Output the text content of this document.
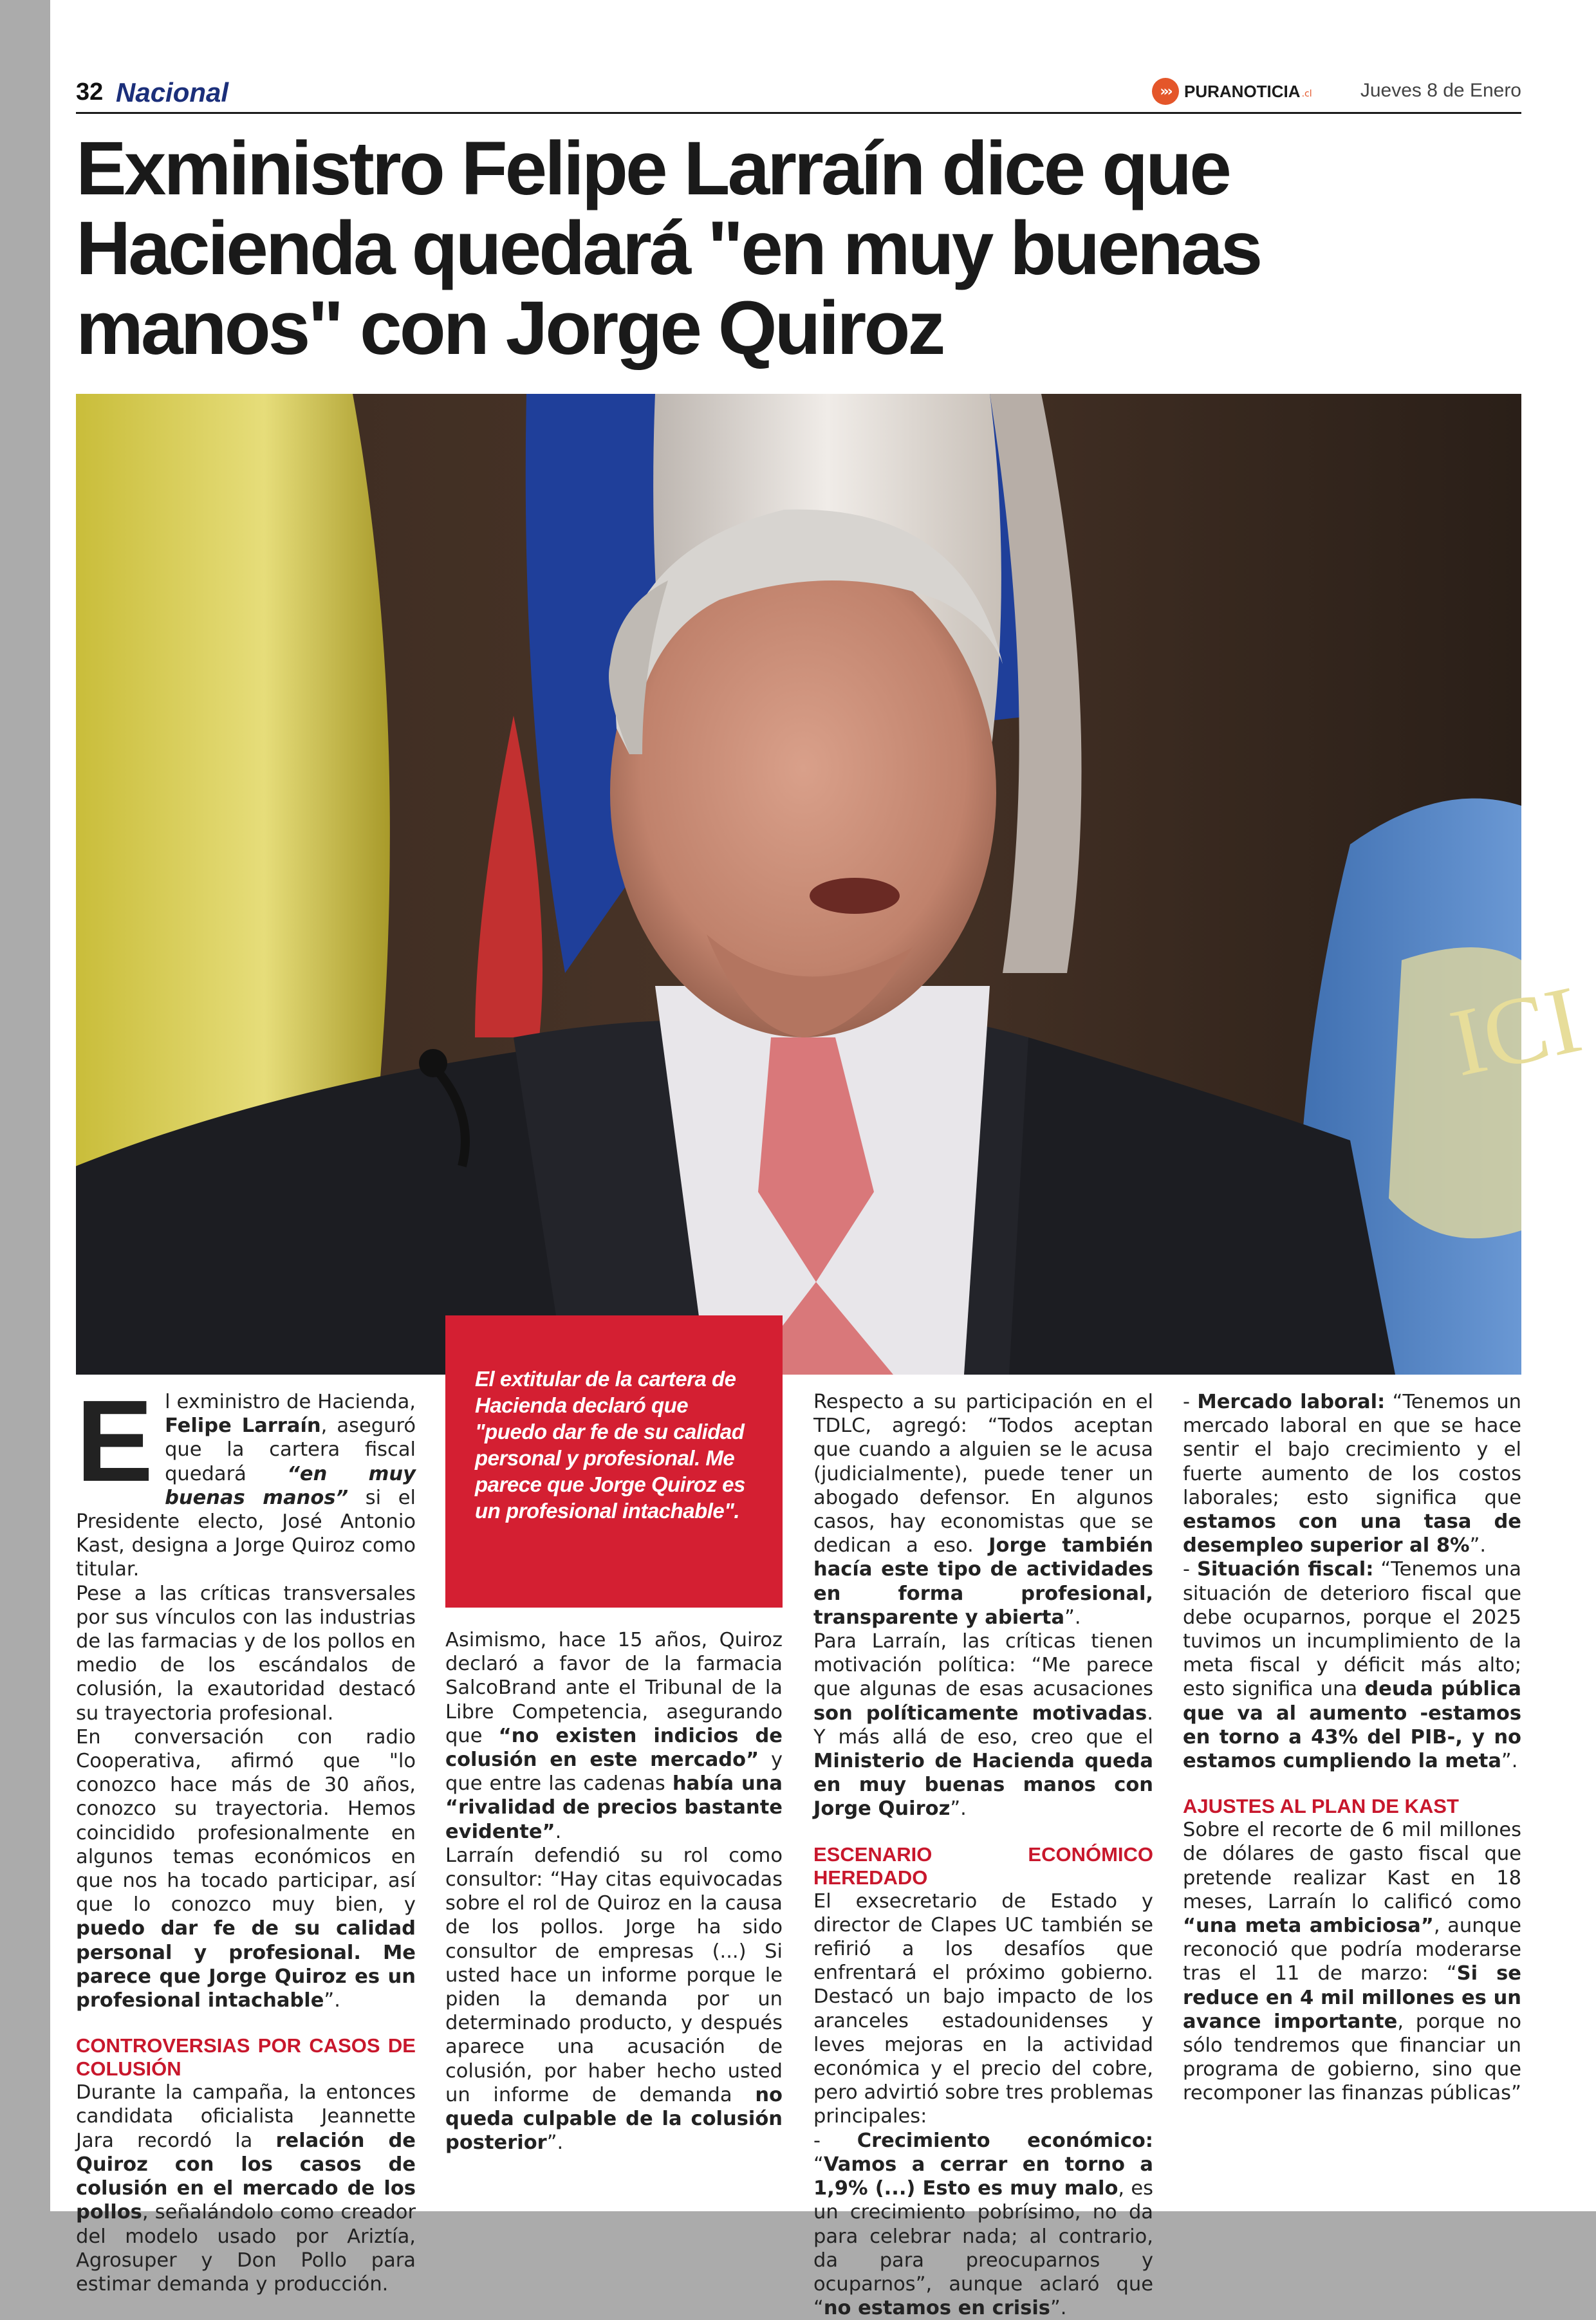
32 Nacional	»› PURANOTICIA .cl	Jueves 8 de Enero
Exministro Felipe Larraín dice que Hacienda quedará "en muy buenas manos" con Jorge Quiroz
ICI
El extitular de la cartera de Hacienda declaró que "puedo dar fe de su calidad personal y profesional. Me parece que Jorge Quiroz es un profesional intachable".
E l exministro de Hacienda, Felipe Larraín, aseguró que la cartera fiscal quedará “en muy buenas manos” si el Presidente electo, José Antonio Kast, designa a Jorge Quiroz como titular.

Pese a las críticas transversales por sus vínculos con las industrias de las farmacias y de los pollos en medio de los escándalos de colusión, la exautoridad destacó su trayectoria profesional.

En conversación con radio Cooperativa, afirmó que "lo conozco hace más de 30 años, conozco su trayectoria. Hemos coincidido profesionalmente en algunos temas económicos en que nos ha tocado participar, así que lo conozco muy bien, y puedo dar fe de su calidad personal y profesional. Me parece que Jorge Quiroz es un profesional intachable”.

CONTROVERSIAS POR CASOS DE COLUSIÓN

Durante la campaña, la entonces candidata oficialista Jeannette Jara recordó la relación de Quiroz con los casos de colusión en el mercado de los pollos, señalándolo como creador del modelo usado por Ariztía, Agrosuper y Don Pollo para estimar demanda y producción.

Asimismo, hace 15 años, Quiroz declaró a favor de la farmacia SalcoBrand ante el Tribunal de la Libre Competencia, asegurando que “no existen indicios de colusión en este mercado” y que entre las cadenas había una “rivalidad de precios bastante evidente”.

Larraín defendió su rol como consultor: “Hay citas equivocadas sobre el rol de Quiroz en la causa de los pollos. Jorge ha sido consultor de empresas (...) Si usted hace un informe porque le piden la demanda por un determinado producto, y después aparece una acusación de colusión, por haber hecho usted un informe de demanda no queda culpable de la colusión posterior”.

Respecto a su participación en el TDLC, agregó: “Todos aceptan que cuando a alguien se le acusa (judicialmente), puede tener un abogado defensor. En algunos casos, hay economistas que se dedican a eso. Jorge también hacía este tipo de actividades en forma profesional, transparente y abierta”.

Para Larraín, las críticas tienen motivación política: “Me parece que algunas de esas acusaciones son políticamente motivadas. Y más allá de eso, creo que el Ministerio de Hacienda queda en muy buenas manos con Jorge Quiroz”.

ESCENARIO ECONÓMICO HEREDADO

El exsecretario de Estado y director de Clapes UC también se refirió a los desafíos que enfrentará el próximo gobierno. Destacó un bajo impacto de los aranceles estadounidenses y leves mejoras en la actividad económica y el precio del cobre, pero advirtió sobre tres problemas principales:

- Crecimiento económico: “Vamos a cerrar en torno a 1,9% (...) Esto es muy malo, es un crecimiento pobrísimo, no da para celebrar nada; al contrario, da para preocuparnos y ocuparnos”, aunque aclaró que “no estamos en crisis”.

- Mercado laboral: “Tenemos un mercado laboral en que se hace sentir el bajo crecimiento y el fuerte aumento de los costos laborales; esto significa que estamos con una tasa de desempleo superior al 8%”.

- Situación fiscal: “Tenemos una situación de deterioro fiscal que debe ocuparnos, porque el 2025 tuvimos un incumplimiento de la meta fiscal y déficit más alto; esto significa una deuda pública que va al aumento -estamos en torno a 43% del PIB-, y no estamos cumpliendo la meta”.

AJUSTES AL PLAN DE KAST

Sobre el recorte de 6 mil millones de dólares de gasto fiscal que pretende realizar Kast en 18 meses, Larraín lo calificó como “una meta ambiciosa”, aunque reconoció que podría moderarse tras el 11 de marzo: “Si se reduce en 4 mil millones es un avance importante, porque no sólo tendremos que financiar un programa de gobierno, sino que recomponer las finanzas públicas”
